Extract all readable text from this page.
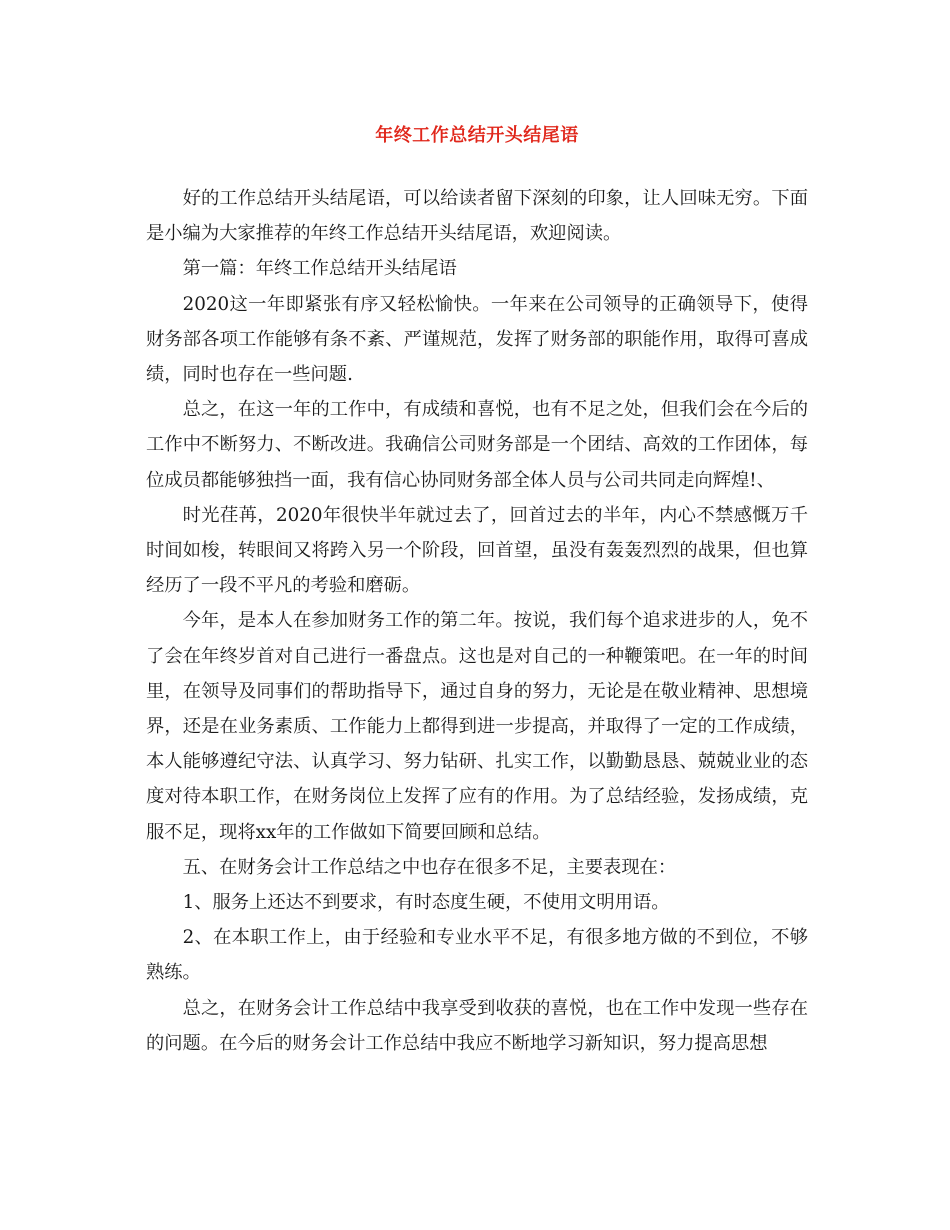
年终工作总结开头结尾语

好的工作总结开头结尾语，可以给读者留下深刻的印象，让人回味无穷。下面是小编为大家推荐的年终工作总结开头结尾语，欢迎阅读。

第一篇：年终工作总结开头结尾语

2020这一年即紧张有序又轻松愉快。一年来在公司领导的正确领导下，使得财务部各项工作能够有条不紊、严谨规范，发挥了财务部的职能作用，取得可喜成绩，同时也存在一些问题.

总之，在这一年的工作中，有成绩和喜悦，也有不足之处，但我们会在今后的工作中不断努力、不断改进。我确信公司财务部是一个团结、高效的工作团体，每位成员都能够独挡一面，我有信心协同财务部全体人员与公司共同走向辉煌!、

时光荏苒，2020年很快半年就过去了，回首过去的半年，内心不禁感慨万千时间如梭，转眼间又将跨入另一个阶段，回首望，虽没有轰轰烈烈的战果，但也算经历了一段不平凡的考验和磨砺。

今年，是本人在参加财务工作的第二年。按说，我们每个追求进步的人，免不了会在年终岁首对自己进行一番盘点。这也是对自己的一种鞭策吧。在一年的时间里，在领导及同事们的帮助指导下，通过自身的努力，无论是在敬业精神、思想境界，还是在业务素质、工作能力上都得到进一步提高，并取得了一定的工作成绩，本人能够遵纪守法、认真学习、努力钻研、扎实工作，以勤勤恳恳、兢兢业业的态度对待本职工作，在财务岗位上发挥了应有的作用。为了总结经验，发扬成绩，克服不足，现将xx年的工作做如下简要回顾和总结。

五、在财务会计工作总结之中也存在很多不足，主要表现在：

1、服务上还达不到要求，有时态度生硬，不使用文明用语。

2、在本职工作上，由于经验和专业水平不足，有很多地方做的不到位，不够熟练。

总之，在财务会计工作总结中我享受到收获的喜悦，也在工作中发现一些存在的问题。在今后的财务会计工作总结中我应不断地学习新知识，努力提高思想
